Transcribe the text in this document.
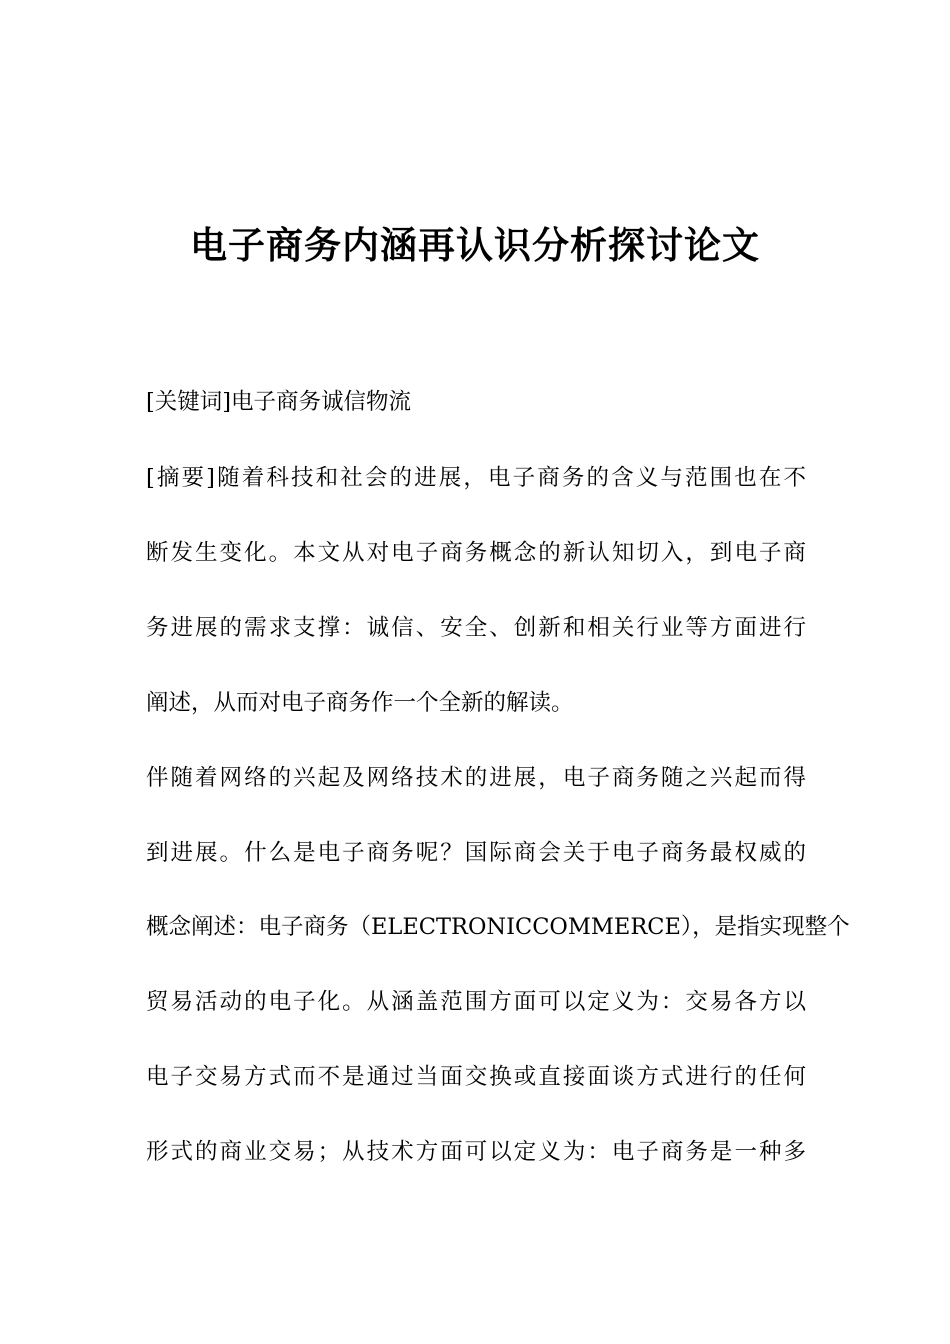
电子商务内涵再认识分析探讨论文
[关键词]电子商务诚信物流
[摘要]随着科技和社会的进展，电子商务的含义与范围也在不
断发生变化。本文从对电子商务概念的新认知切入，到电子商
务进展的需求支撑：诚信、安全、创新和相关行业等方面进行
阐述，从而对电子商务作一个全新的解读。
伴随着网络的兴起及网络技术的进展，电子商务随之兴起而得
到进展。什么是电子商务呢？国际商会关于电子商务最权威的
概念阐述：电子商务（ELECTRONICCOMMERCE），是指实现整个
贸易活动的电子化。从涵盖范围方面可以定义为：交易各方以
电子交易方式而不是通过当面交换或直接面谈方式进行的任何
形式的商业交易；从技术方面可以定义为：电子商务是一种多
